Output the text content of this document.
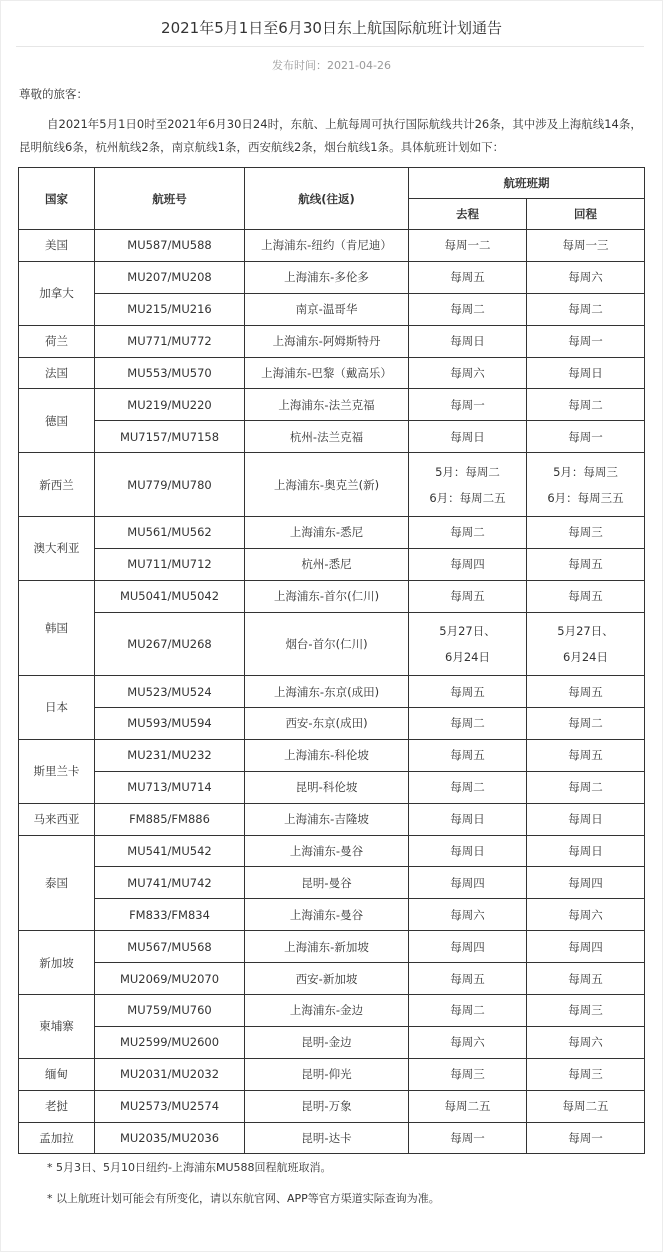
2021年5月1日至6月30日东上航国际航班计划通告
发布时间：2021-04-26
尊敬的旅客：
自2021年5月1日0时至2021年6月30日24时，东航、上航每周可执行国际航线共计26条，其中涉及上海航线14条，昆明航线6条，杭州航线2条，南京航线1条，西安航线2条，烟台航线1条。具体航班计划如下：
国家	航班号	航线(往返)	航班班期	
			去程	回程
美国	MU587/MU588	上海浦东-纽约（肯尼迪）	每周一二	每周一三

加拿大	MU207/MU208	上海浦东-多伦多	每周五	每周六

	MU215/MU216	南京-温哥华	每周二	每周二

荷兰	MU771/MU772	上海浦东-阿姆斯特丹	每周日	每周一

法国	MU553/MU570	上海浦东-巴黎（戴高乐）	每周六	每周日

德国	MU219/MU220	上海浦东-法兰克福	每周一	每周二

	MU7157/MU7158	杭州-法兰克福	每周日	每周一

新西兰	MU779/MU780	上海浦东-奥克兰(新)	5月：每周二
6月：每周二五	5月：每周三
6月：每周三五

澳大利亚	MU561/MU562	上海浦东-悉尼	每周二	每周三

	MU711/MU712	杭州-悉尼	每周四	每周五

韩国	MU5041/MU5042	上海浦东-首尔(仁川)	每周五	每周五

	MU267/MU268	烟台-首尔(仁川)	5月27日、
6月24日	5月27日、
6月24日

日本	MU523/MU524	上海浦东-东京(成田)	每周五	每周五

	MU593/MU594	西安-东京(成田)	每周二	每周二

斯里兰卡	MU231/MU232	上海浦东-科伦坡	每周五	每周五

	MU713/MU714	昆明-科伦坡	每周二	每周二

马来西亚	FM885/FM886	上海浦东-吉隆坡	每周日	每周日

泰国	MU541/MU542	上海浦东-曼谷	每周日	每周日

	MU741/MU742	昆明-曼谷	每周四	每周四

	FM833/FM834	上海浦东-曼谷	每周六	每周六

新加坡	MU567/MU568	上海浦东-新加坡	每周四	每周四

	MU2069/MU2070	西安-新加坡	每周五	每周五

柬埔寨	MU759/MU760	上海浦东-金边	每周二	每周三

	MU2599/MU2600	昆明-金边	每周六	每周六

缅甸	MU2031/MU2032	昆明-仰光	每周三	每周三

老挝	MU2573/MU2574	昆明-万象	每周二五	每周二五

孟加拉	MU2035/MU2036	昆明-达卡	每周一	每周一
* 5月3日、5月10日纽约-上海浦东MU588回程航班取消。
* 以上航班计划可能会有所变化，请以东航官网、APP等官方渠道实际查询为准。
